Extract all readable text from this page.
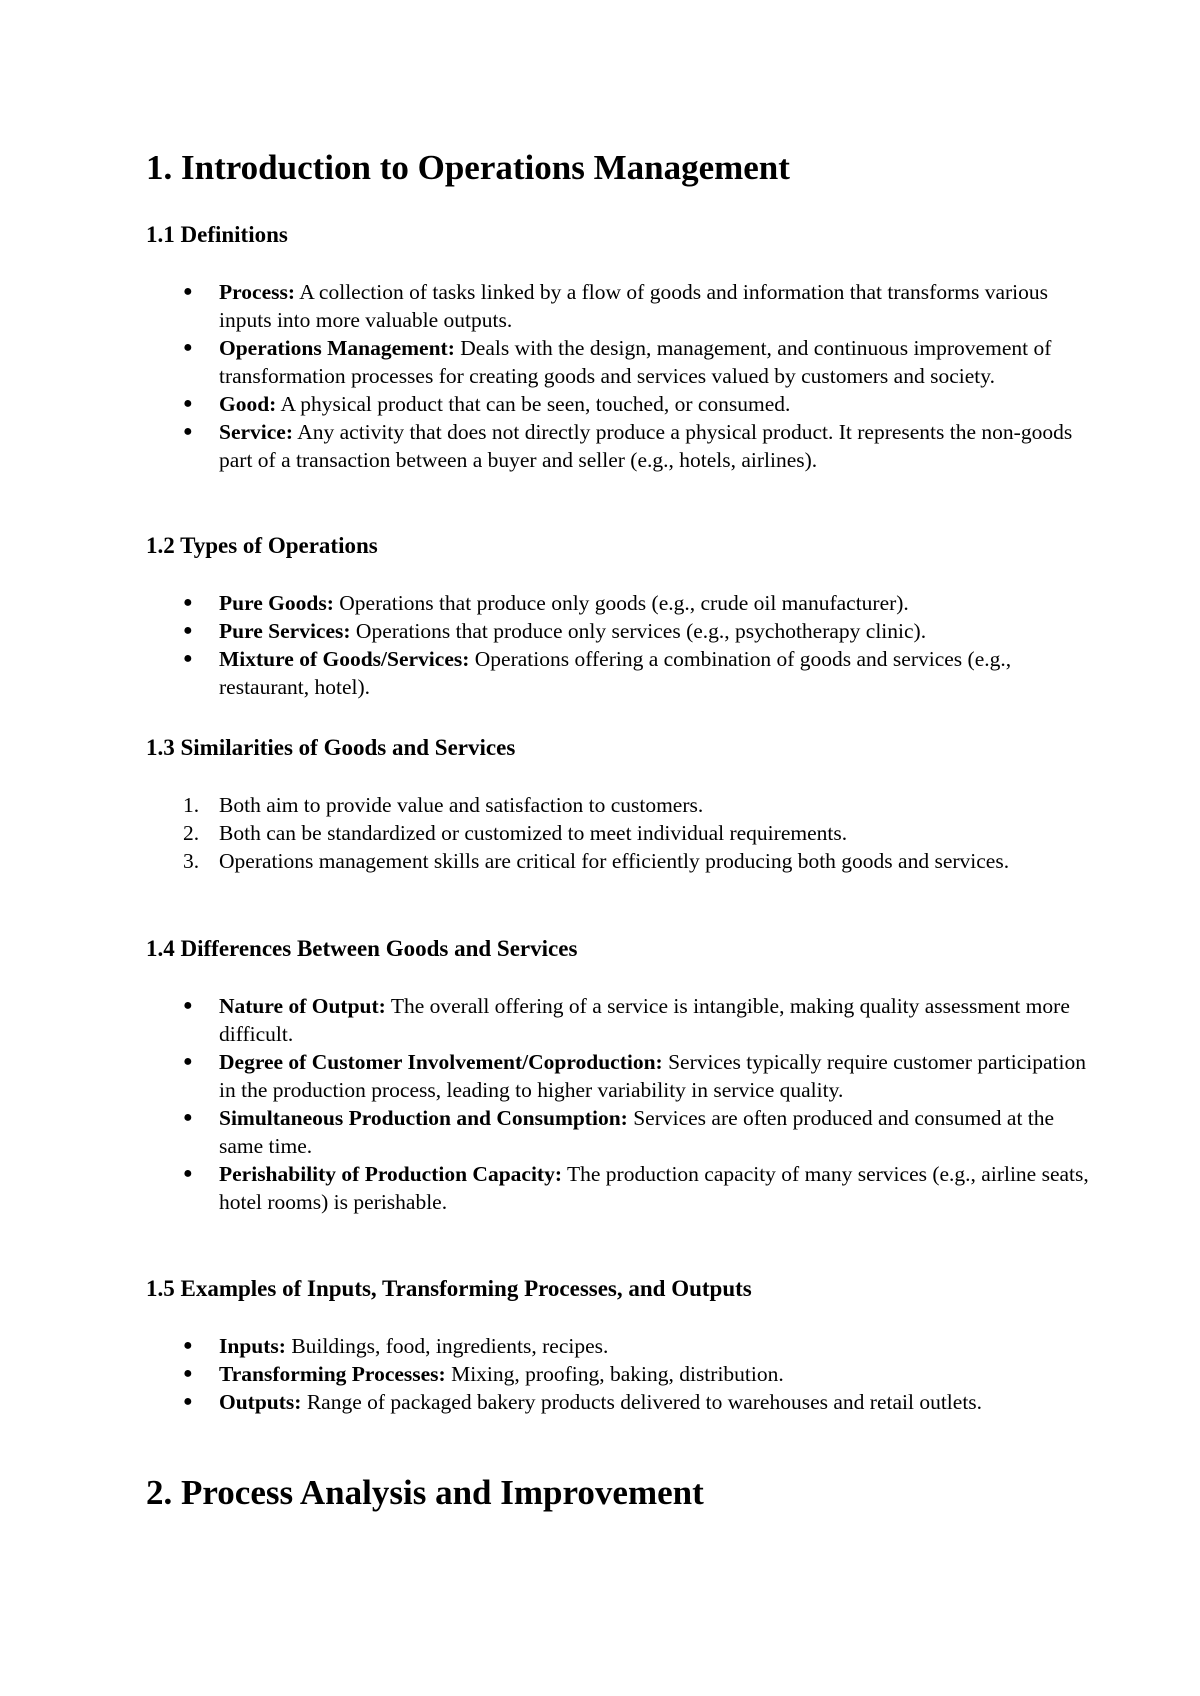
1. Introduction to Operations Management
1.1 Definitions
● Process: A collection of tasks linked by a flow of goods and information that transforms various inputs into more valuable outputs.
● Operations Management: Deals with the design, management, and continuous improvement of transformation processes for creating goods and services valued by customers and society.
● Good: A physical product that can be seen, touched, or consumed.
● Service: Any activity that does not directly produce a physical product. It represents the non-goods part of a transaction between a buyer and seller (e.g., hotels, airlines).
1.2 Types of Operations
● Pure Goods: Operations that produce only goods (e.g., crude oil manufacturer).
● Pure Services: Operations that produce only services (e.g., psychotherapy clinic).
● Mixture of Goods/Services: Operations offering a combination of goods and services (e.g., restaurant, hotel).
1.3 Similarities of Goods and Services
1. Both aim to provide value and satisfaction to customers.
2. Both can be standardized or customized to meet individual requirements.
3. Operations management skills are critical for efficiently producing both goods and services.
1.4 Differences Between Goods and Services
● Nature of Output: The overall offering of a service is intangible, making quality assessment more difficult.
● Degree of Customer Involvement/Coproduction: Services typically require customer participation in the production process, leading to higher variability in service quality.
● Simultaneous Production and Consumption: Services are often produced and consumed at the same time.
● Perishability of Production Capacity: The production capacity of many services (e.g., airline seats, hotel rooms) is perishable.
1.5 Examples of Inputs, Transforming Processes, and Outputs
● Inputs: Buildings, food, ingredients, recipes.
● Transforming Processes: Mixing, proofing, baking, distribution.
● Outputs: Range of packaged bakery products delivered to warehouses and retail outlets.
2. Process Analysis and Improvement
